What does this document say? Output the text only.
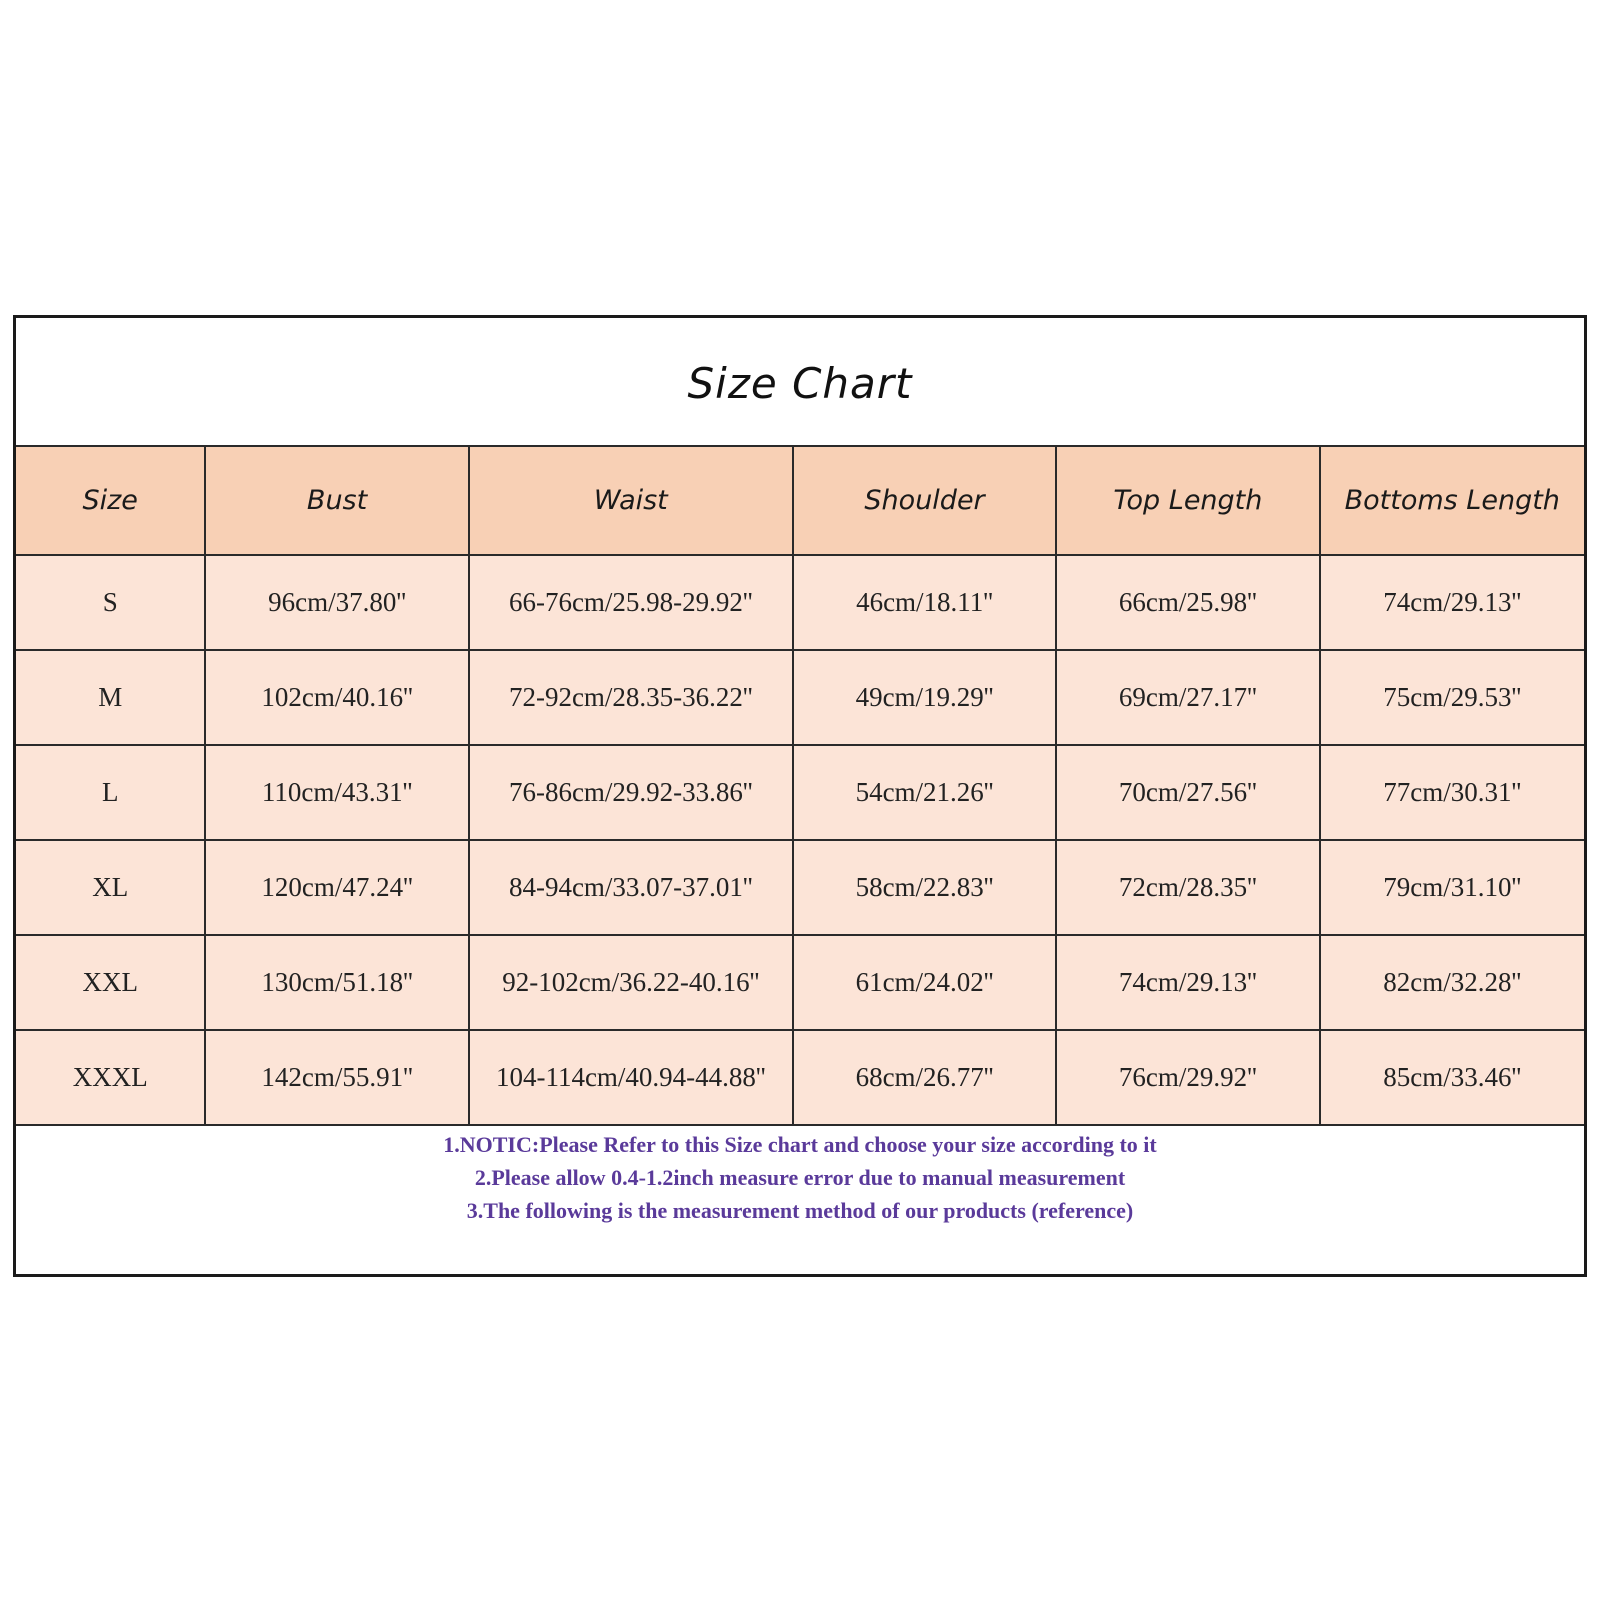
Size Chart
Size	Bust	Waist	Shoulder	Top Length	Bottoms Length
S	96cm/37.80''	66-76cm/25.98-29.92''	46cm/18.11''	66cm/25.98''	74cm/29.13''
M	102cm/40.16''	72-92cm/28.35-36.22''	49cm/19.29''	69cm/27.17''	75cm/29.53''
L	110cm/43.31''	76-86cm/29.92-33.86''	54cm/21.26''	70cm/27.56''	77cm/30.31''
XL	120cm/47.24''	84-94cm/33.07-37.01''	58cm/22.83''	72cm/28.35''	79cm/31.10''
XXL	130cm/51.18''	92-102cm/36.22-40.16''	61cm/24.02''	74cm/29.13''	82cm/32.28''
XXXL	142cm/55.91''	104-114cm/40.94-44.88''	68cm/26.77''	76cm/29.92''	85cm/33.46''
1.NOTIC:Please Refer to this Size chart and choose your size according to it
2.Please allow 0.4-1.2inch measure error due to manual measurement
3.The following is the measurement method of our products (reference)
